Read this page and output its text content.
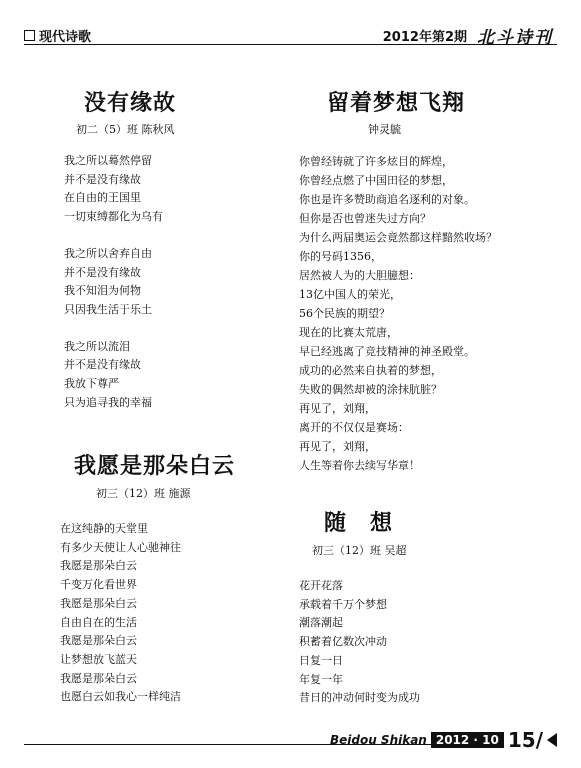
现代诗歌	2012年第2期 北斗诗刊
没有缘故
初二（5）班 陈秋风
我之所以蓦然停留
并不是没有缘故
在自由的王国里
一切束缚都化为乌有
我之所以舍弃自由
并不是没有缘故
我不知泪为何物
只因我生活于乐土
我之所以流泪
并不是没有缘故
我放下尊严
只为追寻我的幸福
我愿是那朵白云
初三（12）班 施源
在这纯静的天堂里
有多少天使让人心驰神往
我愿是那朵白云
千变万化看世界
我愿是那朵白云
自由自在的生活
我愿是那朵白云
让梦想放飞蓝天
我愿是那朵白云
也愿白云如我心一样纯洁
留着梦想飞翔
钟灵毓
你曾经铸就了许多炫目的辉煌，
你曾经点燃了中国田径的梦想，
你也是许多赞助商追名逐利的对象。
但你是否也曾迷失过方向？
为什么两届奥运会竟然都这样黯然收场？
你的号码1356，
居然被人为的大胆臆想：
13亿中国人的荣光，
56个民族的期望？
现在的比赛太荒唐，
早已经逃离了竞技精神的神圣殿堂。
成功的必然来自执着的梦想，
失败的偶然却被的涂抹肮脏？
再见了，刘翔，
离开的不仅仅是赛场：
再见了，刘翔，
人生等着你去续写华章！
随　想
初三（12）班 吴超
花开花落
承载着千万个梦想
潮落潮起
积蓄着亿数次冲动
日复一日
年复一年
昔日的冲动何时变为成功
Beidou Shikan 2012 · 10 15/
